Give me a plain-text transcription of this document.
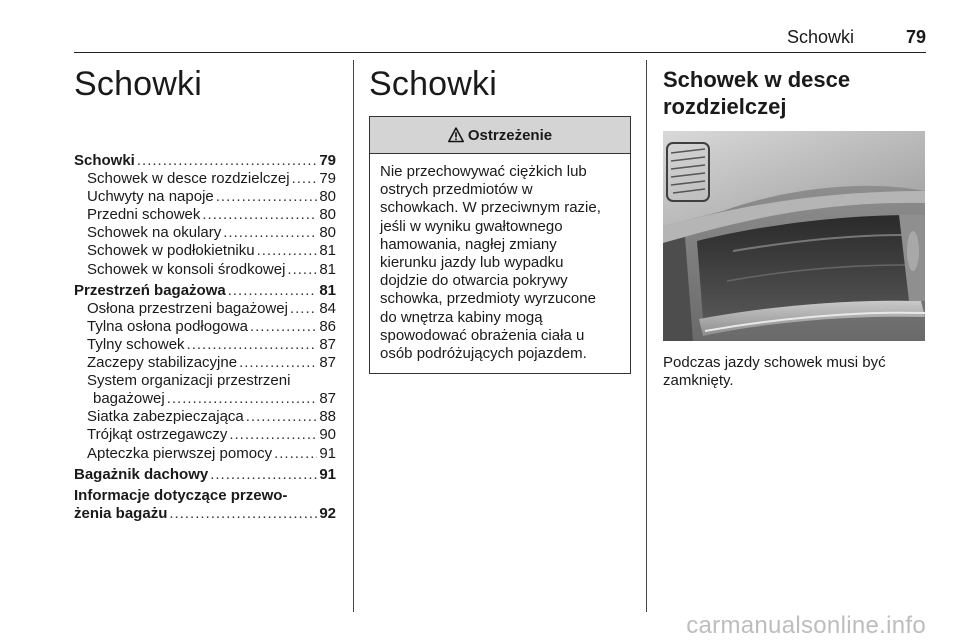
Schowki	79
Schowki
Schowki .....	79
Schowek w desce rozdzielczej ..... 79
Uchwyty na napoje .....	80
Przedni schowek .....	80
Schowek na okulary .....	80
Schowek w podłokietniku .....	81
Schowek w konsoli środkowej ..... 81
Przestrzeń bagażowa .....	81
Osłona przestrzeni bagażowej ..... 84
Tylna osłona podłogowa .....	86
Tylny schowek .....	87
Zaczepy stabilizacyjne .....	87
System organizacji przestrzeni
bagażowej .....	87
Siatka zabezpieczająca .....	88
Trójkąt ostrzegawczy .....	90
Apteczka pierwszej pomocy .....	91
Bagażnik dachowy .....	91
Informacje dotyczące przewo-
żenia bagażu .....	92
Schowki
Ostrzeżenie
Nie przechowywać ciężkich lub
ostrych przedmiotów w
schowkach. W przeciwnym razie,
jeśli w wyniku gwałtownego
hamowania, nagłej zmiany
kierunku jazdy lub wypadku
dojdzie do otwarcia pokrywy
schowka, przedmioty wyrzucone
do wnętrza kabiny mogą
spowodować obrażenia ciała u
osób podróżujących pojazdem.
Schowek w desce
rozdzielczej
Podczas jazdy schowek musi być
zamknięty.
carmanualsonline.info
